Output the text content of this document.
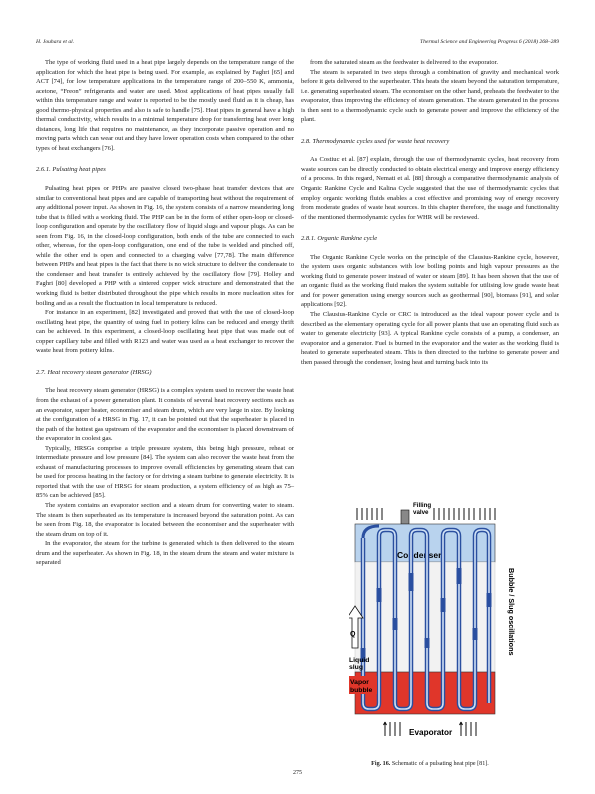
H. Jouhara et al.	Thermal Science and Engineering Progress 6 (2018) 268–289

The type of working fluid used in a heat pipe largely depends on the temperature range of the application for which the heat pipe is being used. For example, as explained by Faghri [65] and ACT [74], for low temperature applications in the temperature range of 200–550 K, ammonia, acetone, “Freon” refrigerants and water are used. Most applications of heat pipes usually fall within this temperature range and water is reported to be the mostly used fluid as it is cheap, has good thermo-physical properties and also is safe to handle [75]. Heat pipes in general have a high thermal conductivity, which results in a minimal temperature drop for transferring heat over long distances, long life that requires no maintenance, as they incorporate passive operation and no moving parts which can wear out and they have lower operation costs when compared to the other types of heat exchangers [76].

2.6.1. Pulsating heat pipes

Pulsating heat pipes or PHPs are passive closed two-phase heat transfer devices that are similar to conventional heat pipes and are capable of transporting heat without the requirement of any additional power input. As shown in Fig. 16, the system consists of a narrow meandering long tube that is filled with a working fluid. The PHP can be in the form of either open-loop or closed-loop configuration and operate by the oscillatory flow of liquid slugs and vapour plugs. As can be seen from Fig. 16, in the closed-loop configuration, both ends of the tube are connected to each other, whereas, for the open-loop configuration, one end of the tube is welded and pinched off, while the other end is open and connected to a charging valve [77,78]. The main difference between PHPs and heat pipes is the fact that there is no wick structure to deliver the condensate to the condenser and heat transfer is entirely achieved by the oscillatory flow [79]. Holley and Faghri [80] developed a PHP with a sintered copper wick structure and demonstrated that the working fluid is better distributed throughout the pipe which results in more nucleation sites for boiling and as a result the fluctuation in local temperature is reduced.

For instance in an experiment, [82] investigated and proved that with the use of closed-loop oscillating heat pipe, the quantity of using fuel in pottery kilns can be reduced and energy thrift can be achieved. In this experiment, a closed-loop oscillating heat pipe that was made out of copper capillary tube and filled with R123 and water was used as a heat exchanger to recover the waste heat from pottery kilns.

2.7. Heat recovery steam generator (HRSG)

The heat recovery steam generator (HRSG) is a complex system used to recover the waste heat from the exhaust of a power generation plant. It consists of several heat recovery sections such as an evaporator, super heater, economiser and steam drum, which are very large in size. By looking at the configuration of a HRSG in Fig. 17, it can be pointed out that the superheater is placed in the path of the hottest gas upstream of the evaporator and the economiser is placed downstream of the evaporator in coolest gas.

Typically, HRSGs comprise a triple pressure system, this being high pressure, reheat or intermediate pressure and low pressure [84]. The system can also recover the waste heat from the exhaust of manufacturing processes to improve overall efficiencies by generating steam that can be used for process heating in the factory or for driving a steam turbine to generate electricity. It is reported that with the use of HRSG for steam production, a system efficiency of as high as 75–85% can be achieved [85].

The system contains an evaporator section and a steam drum for converting water to steam. The steam is then superheated as its temperature is increased beyond the saturation point. As can be seen from Fig. 18, the evaporator is located between the economiser and the superheater with the steam drum on top of it.

In the evaporator, the steam for the turbine is generated which is then delivered to the steam drum and the superheater. As shown in Fig. 18, in the steam drum the steam and water mixture is separated

from the saturated steam as the feedwater is delivered to the evaporator.

The steam is separated in two steps through a combination of gravity and mechanical work before it gets delivered to the superheater. This heats the steam beyond the saturation temperature, i.e. generating superheated steam. The economiser on the other hand, preheats the feedwater to the evaporator, thus improving the efficiency of steam generation. The steam generated in the process is then sent to a thermodynamic cycle such to generate power and improve the efficiency of the plant.

2.8. Thermodynamic cycles used for waste heat recovery

As Costiuc et al. [87] explain, through the use of thermodynamic cycles, heat recovery from waste sources can be directly conducted to obtain electrical energy and improve energy efficiency of a process. In this regard, Nemati et al. [88] through a comparative thermodynamic analysis of Organic Rankine Cycle and Kalina Cycle suggested that the use of thermodynamic cycles that employ organic working fluids enables a cost effective and promising way of energy recovery from moderate grades of waste heat sources. In this chapter therefore, the usage and functionality of the mentioned thermodynamic cycles for WHR will be reviewed.

2.8.1. Organic Rankine cycle

The Organic Rankine Cycle works on the principle of the Clausius-Rankine cycle, however, the system uses organic substances with low boiling points and high vapour pressures as the working fluid to generate power instead of water or steam [89]. It has been shown that the use of an organic fluid as the working fluid makes the system suitable for utilising low grade waste heat and for power generation using energy sources such as geothermal [90], biomass [91], and solar applications [92].

The Clausius-Rankine Cycle or CRC is introduced as the ideal vapour power cycle and is described as the elementary operating cycle for all power plants that use an operating fluid such as water to generate electricity [93]. A typical Rankine cycle consists of a pump, a condenser, an evaporator and a generator. Fuel is burned in the evaporator and the water as the working fluid is heated to generate superheated steam. This is then directed to the turbine to generate power and then passed through the condenser, losing heat and turning back into its

Filling
valve
Condenser
Q
Liquid
slug
Vapor
bubble
Bubble / Slug oscillations
Evaporator
Fig. 16. Schematic of a pulsating heat pipe [81].
275
